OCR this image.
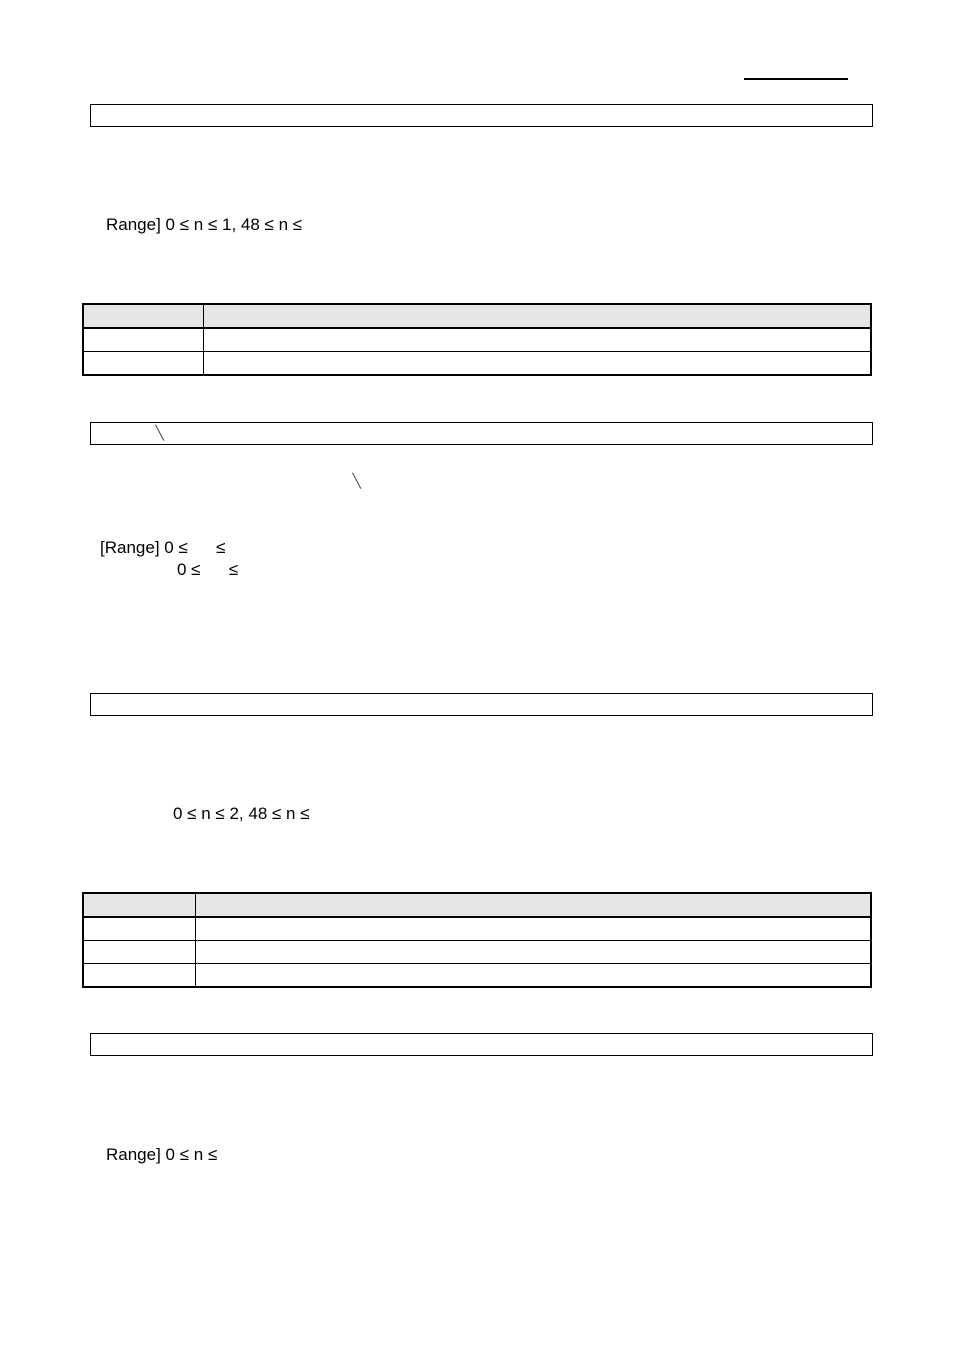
Range] 0 ≤ n ≤ 1, 48 ≤ n ≤

[Range] 0 ≤      ≤
0 ≤      ≤
0 ≤ n ≤ 2, 48 ≤ n ≤

Range] 0 ≤ n ≤
